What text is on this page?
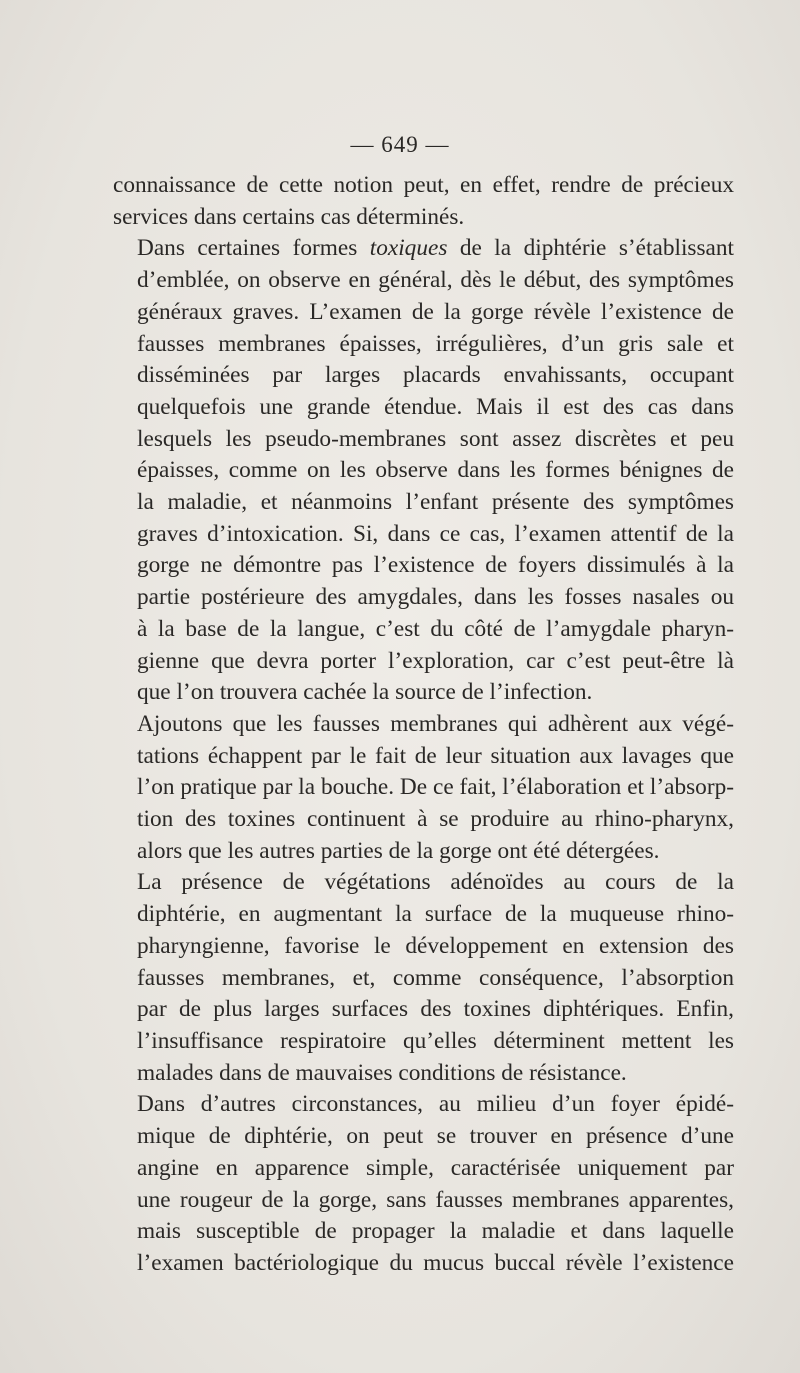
— 649 —

connaissance de cette notion peut, en effet, rendre de précieux
services dans certains cas déterminés.

Dans certaines formes toxiques de la diphtérie s’établissant
d’emblée, on observe en général, dès le début, des symptômes
généraux graves. L’examen de la gorge révèle l’existence de
fausses membranes épaisses, irrégulières, d’un gris sale et
disséminées par larges placards envahissants, occupant
quelquefois une grande étendue. Mais il est des cas dans
lesquels les pseudo-membranes sont assez discrètes et peu
épaisses, comme on les observe dans les formes bénignes de
la maladie, et néanmoins l’enfant présente des symptômes
graves d’intoxication. Si, dans ce cas, l’examen attentif de la
gorge ne démontre pas l’existence de foyers dissimulés à la
partie postérieure des amygdales, dans les fosses nasales ou
à la base de la langue, c’est du côté de l’amygdale pharyn-
gienne que devra porter l’exploration, car c’est peut-être là
que l’on trouvera cachée la source de l’infection.

Ajoutons que les fausses membranes qui adhèrent aux végé-
tations échappent par le fait de leur situation aux lavages que
l’on pratique par la bouche. De ce fait, l’élaboration et l’absorp-
tion des toxines continuent à se produire au rhino-pharynx,
alors que les autres parties de la gorge ont été détergées.

La présence de végétations adénoïdes au cours de la
diphtérie, en augmentant la surface de la muqueuse rhino-
pharyngienne, favorise le développement en extension des
fausses membranes, et, comme conséquence, l’absorption
par de plus larges surfaces des toxines diphtériques. Enfin,
l’insuffisance respiratoire qu’elles déterminent mettent les
malades dans de mauvaises conditions de résistance.

Dans d’autres circonstances, au milieu d’un foyer épidé-
mique de diphtérie, on peut se trouver en présence d’une
angine en apparence simple, caractérisée uniquement par
une rougeur de la gorge, sans fausses membranes apparentes,
mais susceptible de propager la maladie et dans laquelle
l’examen bactériologique du mucus buccal révèle l’existence
